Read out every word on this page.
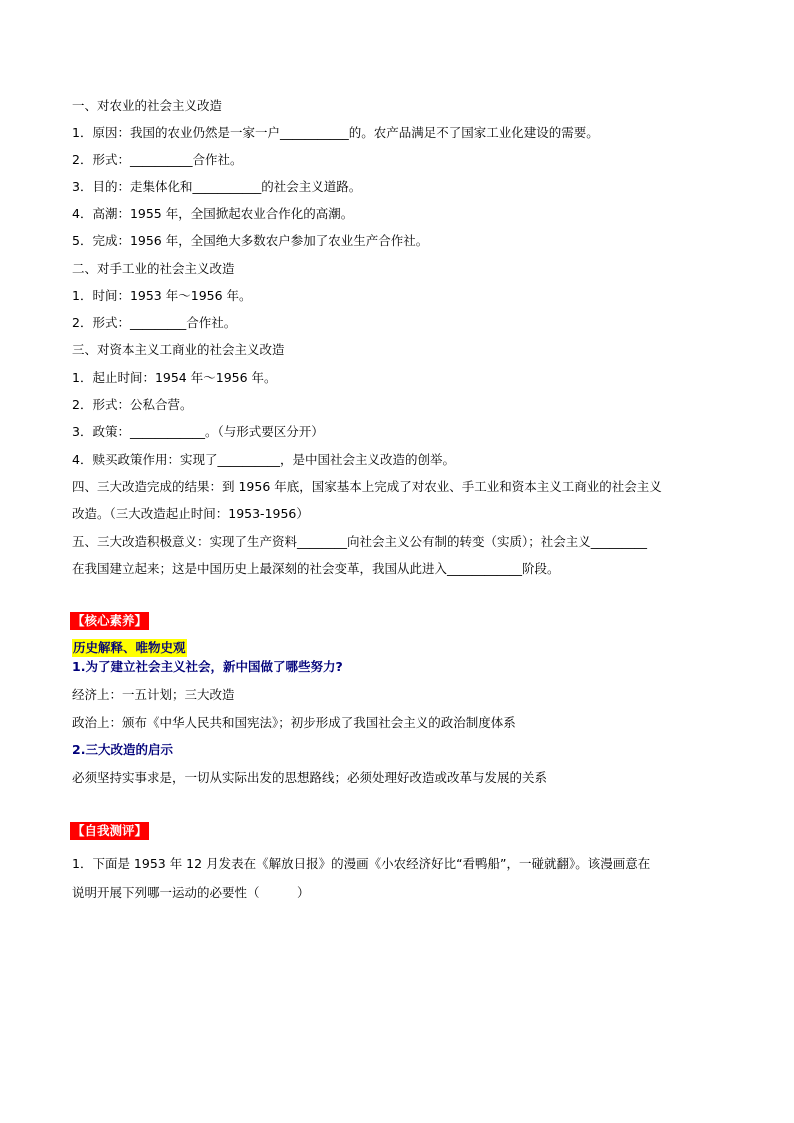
一、对农业的社会主义改造
1．原因：我国的农业仍然是一家一户___________的。农产品满足不了国家工业化建设的需要。
2．形式：__________合作社。
3．目的：走集体化和___________的社会主义道路。
4．高潮：1955 年，全国掀起农业合作化的高潮。
5．完成：1956 年，全国绝大多数农户参加了农业生产合作社。
二、对手工业的社会主义改造
1．时间：1953 年～1956 年。
2．形式：_________合作社。
三、对资本主义工商业的社会主义改造
1．起止时间：1954 年～1956 年。
2．形式：公私合营。
3．政策：____________。（与形式要区分开）
4．赎买政策作用：实现了__________，是中国社会主义改造的创举。
四、三大改造完成的结果：到 1956 年底，国家基本上完成了对农业、手工业和资本主义工商业的社会主义
改造。（三大改造起止时间：1953-1956）
五、三大改造积极意义：实现了生产资料________向社会主义公有制的转变（实质）；社会主义_________
在我国建立起来；这是中国历史上最深刻的社会变革，我国从此进入____________阶段。
【核心素养】
历史解释、唯物史观
1.为了建立社会主义社会，新中国做了哪些努力?
经济上：一五计划；三大改造
政治上：颁布《中华人民共和国宪法》；初步形成了我国社会主义的政治制度体系
2.三大改造的启示
必须坚持实事求是，一切从实际出发的思想路线；必须处理好改造或改革与发展的关系
【自我测评】
1．下面是 1953 年 12 月发表在《解放日报》的漫画《小农经济好比“看鸭船”，一碰就翻》。该漫画意在
说明开展下列哪一运动的必要性（　　　）
